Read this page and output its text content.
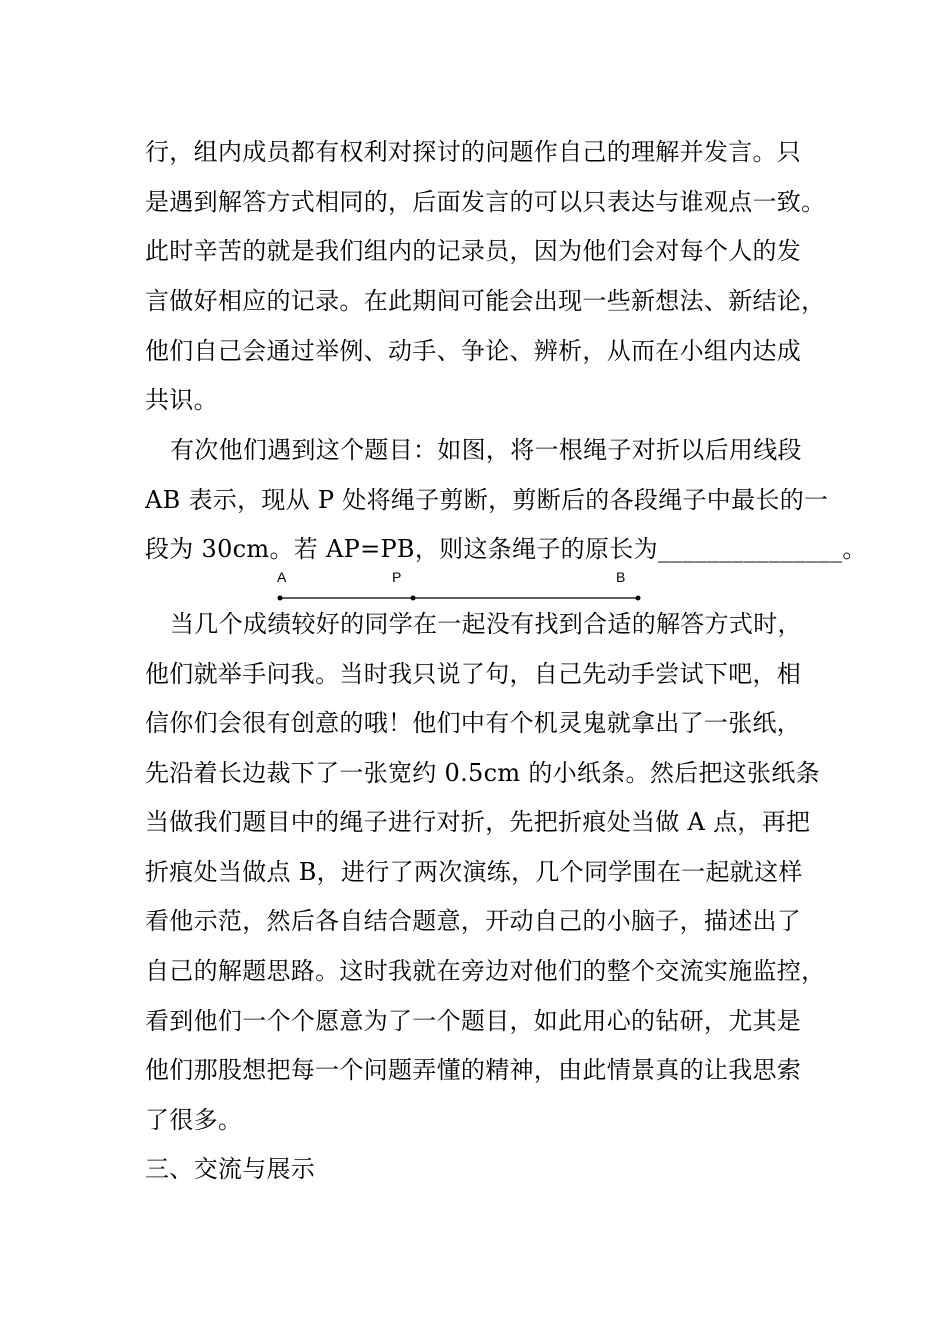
行，组内成员都有权利对探讨的问题作自己的理解并发言。只
是遇到解答方式相同的，后面发言的可以只表达与谁观点一致。
此时辛苦的就是我们组内的记录员，因为他们会对每个人的发
言做好相应的记录。在此期间可能会出现一些新想法、新结论，
他们自己会通过举例、动手、争论、辨析，从而在小组内达成
共识。
有次他们遇到这个题目：如图，将一根绳子对折以后用线段
AB 表示，现从 P 处将绳子剪断，剪断后的各段绳子中最长的一
段为 30cm。若 AP=PB，则这条绳子的原长为_______________。
A	P	B
当几个成绩较好的同学在一起没有找到合适的解答方式时，
他们就举手问我。当时我只说了句，自己先动手尝试下吧，相
信你们会很有创意的哦！他们中有个机灵鬼就拿出了一张纸，
先沿着长边裁下了一张宽约 0.5cm 的小纸条。然后把这张纸条
当做我们题目中的绳子进行对折，先把折痕处当做 A 点，再把
折痕处当做点 B，进行了两次演练，几个同学围在一起就这样
看他示范，然后各自结合题意，开动自己的小脑子，描述出了
自己的解题思路。这时我就在旁边对他们的整个交流实施监控，
看到他们一个个愿意为了一个题目，如此用心的钻研，尤其是
他们那股想把每一个问题弄懂的精神，由此情景真的让我思索
了很多。
三、交流与展示
